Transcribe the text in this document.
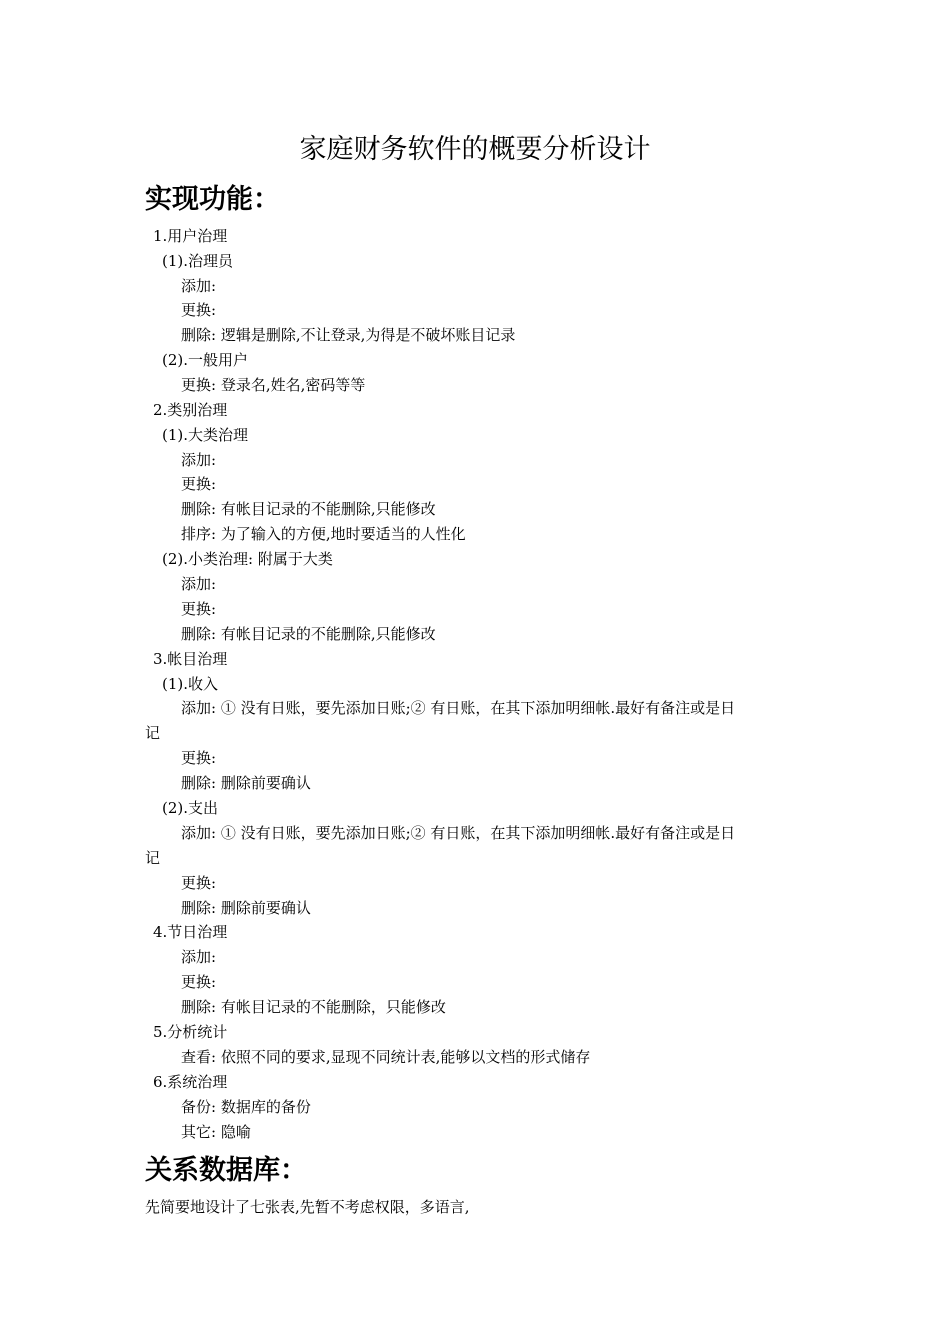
家庭财务软件的概要分析设计
实现功能：
1.用户治理
(1).治理员
添加:
更换:
删除: 逻辑是删除,不让登录,为得是不破坏账目记录
(2).一般用户
更换: 登录名,姓名,密码等等
2.类别治理
(1).大类治理
添加:
更换:
删除: 有帐目记录的不能删除,只能修改
排序: 为了输入的方便,地时要适当的人性化
(2).小类治理: 附属于大类
添加:
更换:
删除: 有帐目记录的不能删除,只能修改
3.帐目治理
(1).收入
添加: ① 没有日账，要先添加日账;② 有日账，在其下添加明细帐.最好有备注或是日
记
更换:
删除: 删除前要确认
(2).支出
添加: ① 没有日账，要先添加日账;② 有日账，在其下添加明细帐.最好有备注或是日
记
更换:
删除: 删除前要确认
4.节日治理
添加:
更换:
删除: 有帐目记录的不能删除，只能修改
5.分析统计
查看: 依照不同的要求,显现不同统计表,能够以文档的形式储存
6.系统治理
备份: 数据库的备份
其它: 隐喻
关系数据库：
先简要地设计了七张表,先暂不考虑权限，多语言,
